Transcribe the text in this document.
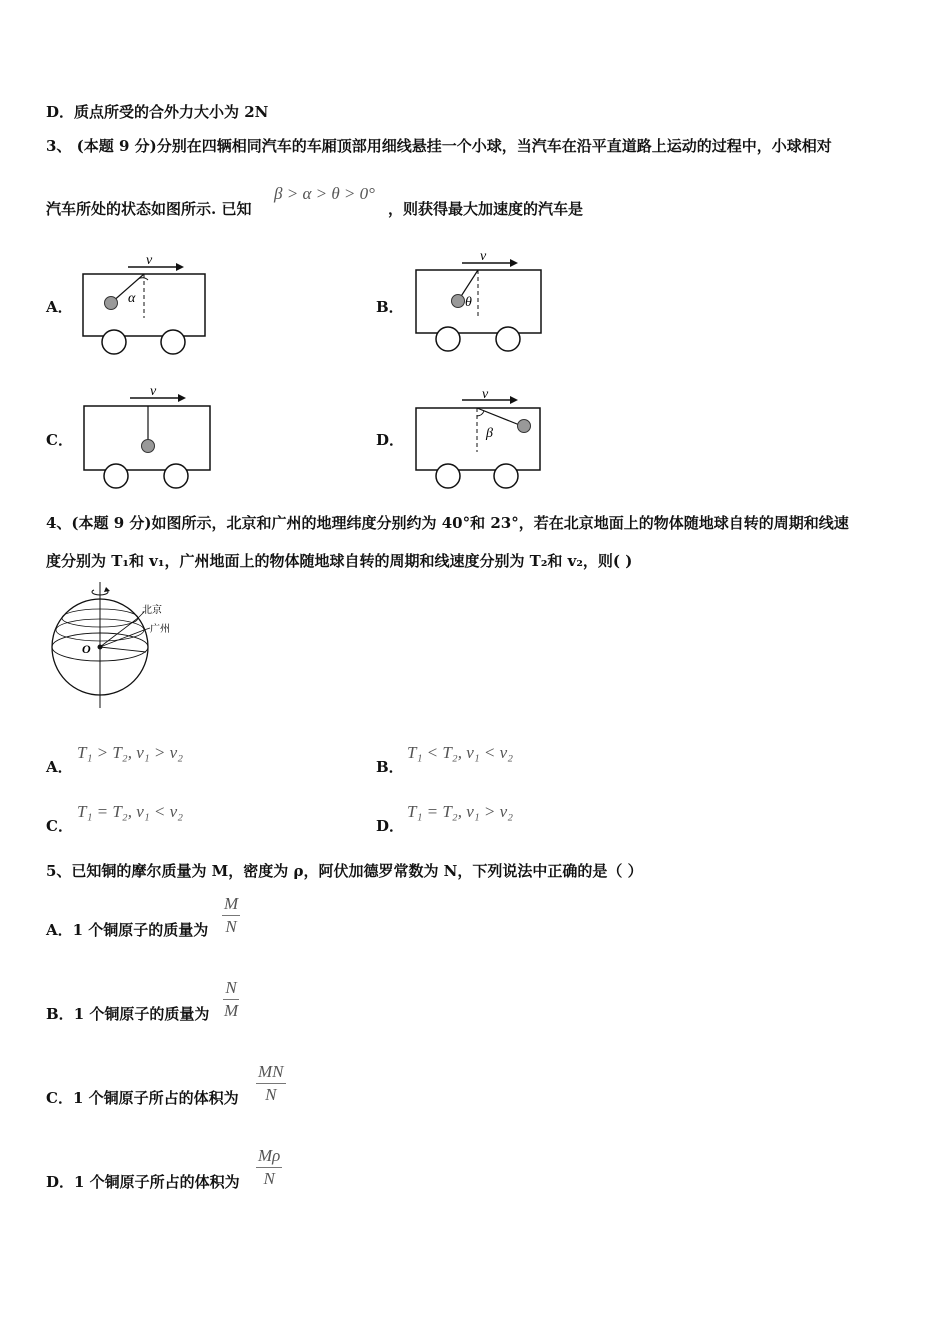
D．质点所受的合外力大小为 2N
3、 (本题 9 分)分别在四辆相同汽车的车厢顶部用细线悬挂一个小球，当汽车在沿平直道路上运动的过程中，小球相对
汽车所处的状态如图所示. 已知
β > α > θ > 0°
，则获得最大加速度的汽车是
A．
v
α	B．
v
θ
C．
v
D．
v
β
4、(本题 9 分)如图所示，北京和广州的地理纬度分别约为 40°和 23°，若在北京地面上的物体随地球自转的周期和线速
度分别为 T₁和 v₁，广州地面上的物体随地球自转的周期和线速度分别为 T₂和 v₂，则( )
北京
广州
O
A．
T₁ > T₂, v₁ > v₂
B．
T₁ < T₂, v₁ < v₂
C．
T₁ = T₂, v₁ < v₂
D．
T₁ = T₂, v₁ > v₂
5、已知铜的摩尔质量为 M，密度为 ρ，阿伏加德罗常数为 N，下列说法中正确的是（ ）
A．1 个铜原子的质量为 $\frac{M}{N}$
B．1 个铜原子的质量为 $\frac{N}{M}$
C．1 个铜原子所占的体积为 $\frac{MN}{N}$
D．1 个铜原子所占的体积为 $\frac{M\rho}{N}$
